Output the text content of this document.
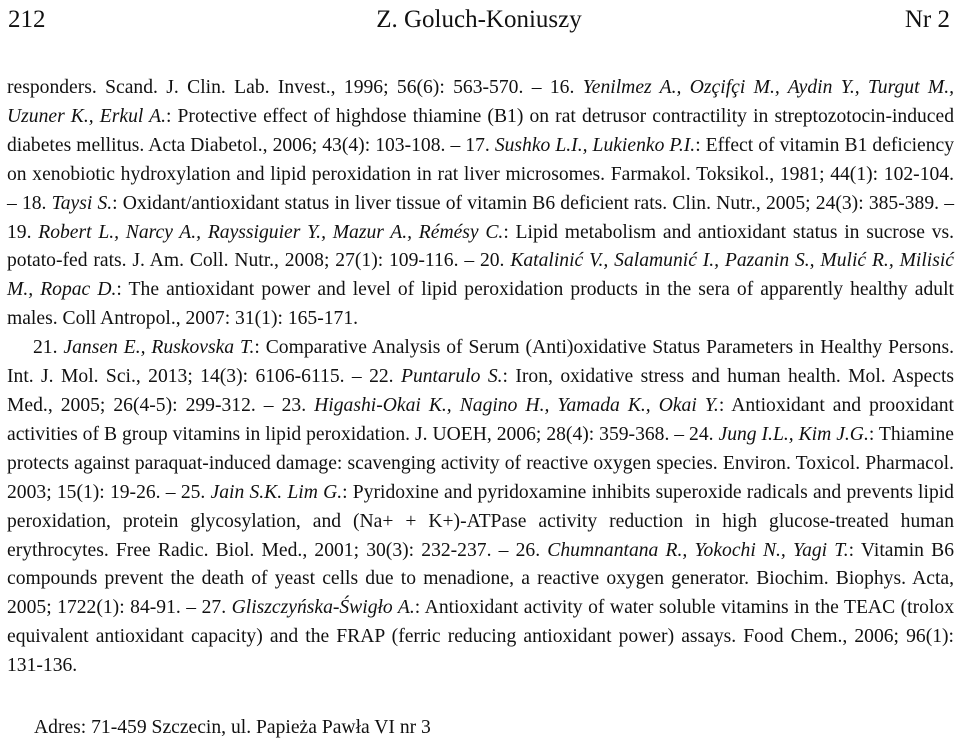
212	Z. Goluch-Koniuszy	Nr 2

responders. Scand. J. Clin. Lab. Invest., 1996; 56(6): 563-570. – 16. Yenilmez A., Ozçifçi M., Aydin Y., Turgut M., Uzuner K., Erkul A.: Protective effect of highdose thiamine (B1) on rat detrusor contractility in streptozotocin-induced diabetes mellitus. Acta Diabetol., 2006; 43(4): 103-108. – 17. Sushko L.I., Lukienko P.I.: Effect of vitamin B1 deficiency on xenobiotic hydroxylation and lipid peroxidation in rat liver microsomes. Farmakol. Toksikol., 1981; 44(1): 102-104. – 18. Taysi S.: Oxidant/antioxidant status in liver tissue of vitamin B6 deficient rats. Clin. Nutr., 2005; 24(3): 385-389. – 19. Robert L., Narcy A., Rayssiguier Y., Mazur A., Rémésy C.: Lipid metabolism and antioxidant status in sucrose vs. potato-fed rats. J. Am. Coll. Nutr., 2008; 27(1): 109-116. – 20. Katalinić V., Salamunić I., Pazanin S., Mulić R., Milisić M., Ropac D.: The antioxidant power and level of lipid peroxidation products in the sera of apparently healthy adult males. Coll Antropol., 2007: 31(1): 165-171.

21. Jansen E., Ruskovska T.: Comparative Analysis of Serum (Anti)oxidative Status Parameters in Healthy Persons. Int. J. Mol. Sci., 2013; 14(3): 6106-6115. – 22. Puntarulo S.: Iron, oxidative stress and human health. Mol. Aspects Med., 2005; 26(4-5): 299-312. – 23. Higashi-Okai K., Nagino H., Yamada K., Okai Y.: Antioxidant and prooxidant activities of B group vitamins in lipid peroxidation. J. UOEH, 2006; 28(4): 359-368. – 24. Jung I.L., Kim J.G.: Thiamine protects against paraquat-induced damage: scavenging activity of reactive oxygen species. Environ. Toxicol. Pharmacol. 2003; 15(1): 19-26. – 25. Jain S.K. Lim G.: Pyridoxine and pyridoxamine inhibits superoxide radicals and prevents lipid peroxidation, protein glycosylation, and (Na+ + K+)-ATPase activity reduction in high glucose-treated human erythrocytes. Free Radic. Biol. Med., 2001; 30(3): 232-237. – 26. Chumnantana R., Yokochi N., Yagi T.: Vitamin B6 compounds prevent the death of yeast cells due to menadione, a reactive oxygen generator. Biochim. Biophys. Acta, 2005; 1722(1): 84-91. – 27. Gliszczyńska-Świgło A.: Antioxidant activity of water soluble vitamins in the TEAC (trolox equivalent antioxidant capacity) and the FRAP (ferric reducing antioxidant power) assays. Food Chem., 2006; 96(1): 131-136.

Adres: 71-459 Szczecin, ul. Papieża Pawła VI nr 3
